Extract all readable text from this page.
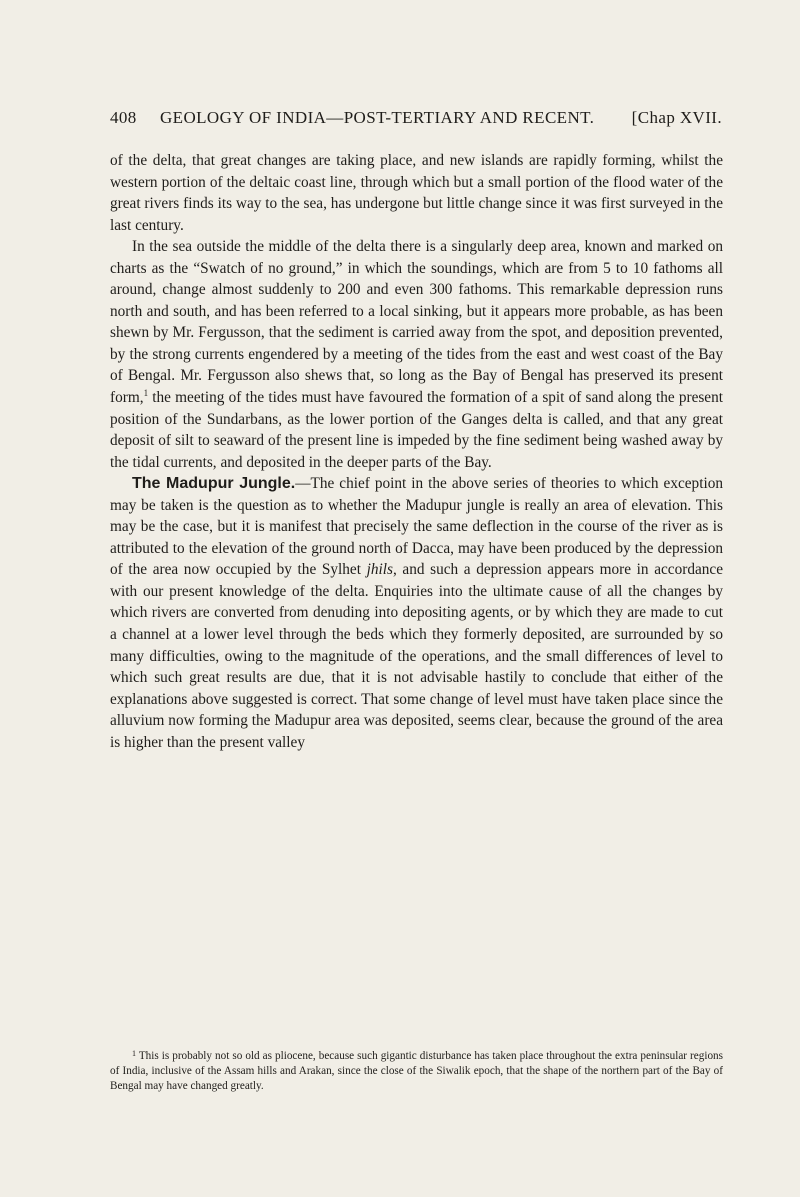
408 GEOLOGY OF INDIA—POST-TERTIARY AND RECENT. [Chap XVII.

of the delta, that great changes are taking place, and new islands are rapidly forming, whilst the western portion of the deltaic coast line, through which but a small portion of the flood water of the great rivers finds its way to the sea, has undergone but little change since it was first surveyed in the last century.

In the sea outside the middle of the delta there is a singularly deep area, known and marked on charts as the “Swatch of no ground,” in which the soundings, which are from 5 to 10 fathoms all around, change almost suddenly to 200 and even 300 fathoms. This remarkable depression runs north and south, and has been referred to a local sinking, but it appears more probable, as has been shewn by Mr. Fergusson, that the sediment is carried away from the spot, and deposition prevented, by the strong currents engendered by a meeting of the tides from the east and west coast of the Bay of Bengal. Mr. Fergusson also shews that, so long as the Bay of Bengal has preserved its present form,$^1$ the meeting of the tides must have favoured the formation of a spit of sand along the present position of the Sundarbans, as the lower portion of the Ganges delta is called, and that any great deposit of silt to seaward of the present line is impeded by the fine sediment being washed away by the tidal currents, and deposited in the deeper parts of the Bay.

The Madupur Jungle.—The chief point in the above series of theories to which exception may be taken is the question as to whether the Madupur jungle is really an area of elevation. This may be the case, but it is manifest that precisely the same deflection in the course of the river as is attributed to the elevation of the ground north of Dacca, may have been produced by the depression of the area now occupied by the Sylhet jhils, and such a depression appears more in accordance with our present knowledge of the delta. Enquiries into the ultimate cause of all the changes by which rivers are converted from denuding into depositing agents, or by which they are made to cut a channel at a lower level through the beds which they formerly deposited, are surrounded by so many difficulties, owing to the magnitude of the operations, and the small differences of level to which such great results are due, that it is not advisable hastily to conclude that either of the explanations above suggested is correct. That some change of level must have taken place since the alluvium now forming the Madupur area was deposited, seems clear, because the ground of the area is higher than the present valley

$^1$ This is probably not so old as pliocene, because such gigantic disturbance has taken place throughout the extra peninsular regions of India, inclusive of the Assam hills and Arakan, since the close of the Siwalik epoch, that the shape of the northern part of the Bay of Bengal may have changed greatly.
